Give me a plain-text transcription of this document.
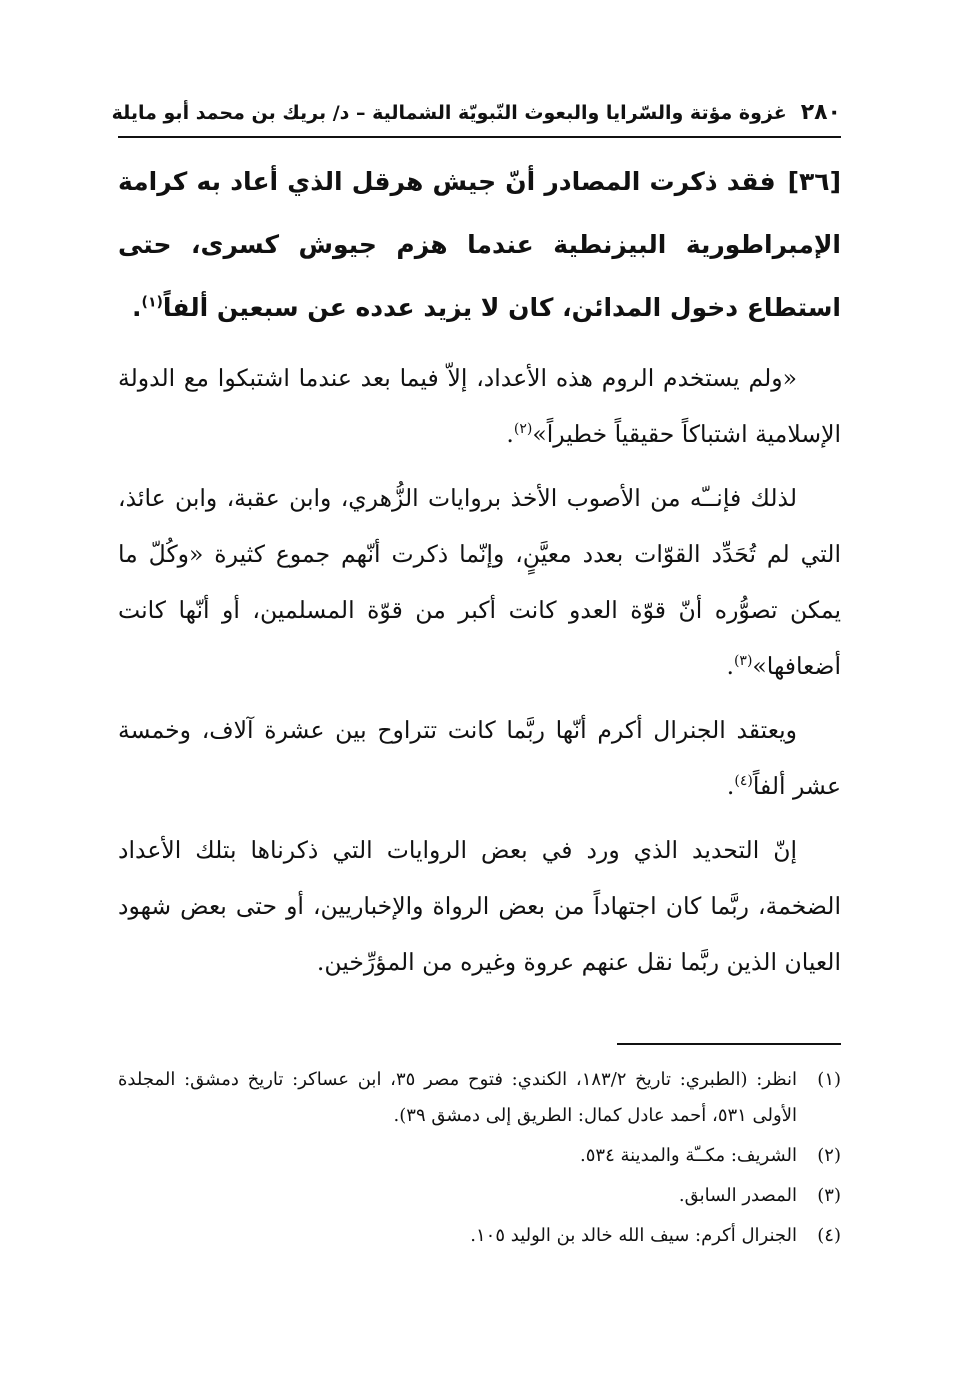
٢٨٠
غزوة مؤتة والسّرايا والبعوث النّبويّة الشمالية – د/ بريك بن محمد أبو مايلة
[٣٦]فقد ذكرت المصادر أنّ جيش هرقل الذي أعاد به كرامة الإمبراطورية البيزنطية عندما هزم جيوش كسرى، حتى استطاع دخول المدائن، كان لا يزيد عدده عن سبعين ألفاً$^{(١)}$.

«ولم يستخدم الروم هذه الأعداد، إلاّ فيما بعد عندما اشتبكوا مع الدولة الإسلامية اشتباكاً حقيقياً خطيراً»$^{(٢)}$.

لذلك فإنــّه من الأصوب الأخذ بروايات الزُّهري، وابن عقبة، وابن عائذ، التي لم تُحَدِّد القوّات بعدد معيَّنٍ، وإنّما ذكرت أنّهم جموع كثيرة «وكُلّ ما يمكن تصوُّره أنّ قوّة العدو كانت أكبر من قوّة المسلمين، أو أنّها كانت أضعافها»$^{(٣)}$.

ويعتقد الجنرال أكرم أنّها ربَّما كانت تتراوح بين عشرة آلاف، وخمسة عشر ألفاً$^{(٤)}$.

إنّ التحديد الذي ورد في بعض الروايات التي ذكرناها بتلك الأعداد الضخمة، ربَّما كان اجتهاداً من بعض الرواة والإخباريين، أو حتى بعض شهود العيان الذين ربَّما نقل عنهم عروة وغيره من المؤرِّخين.

(١)انظر: (الطبري: تاريخ ١٨٣/٢، الكندي: فتوح مصر ٣٥، ابن عساكر: تاريخ دمشق: المجلدة الأولى ٥٣١، أحمد عادل كمال: الطريق إلى دمشق ٣٩).
(٢)الشريف: مكــّة والمدينة ٥٣٤.
(٣)المصدر السابق.
(٤)الجنرال أكرم: سيف الله خالد بن الوليد ١٠٥.
